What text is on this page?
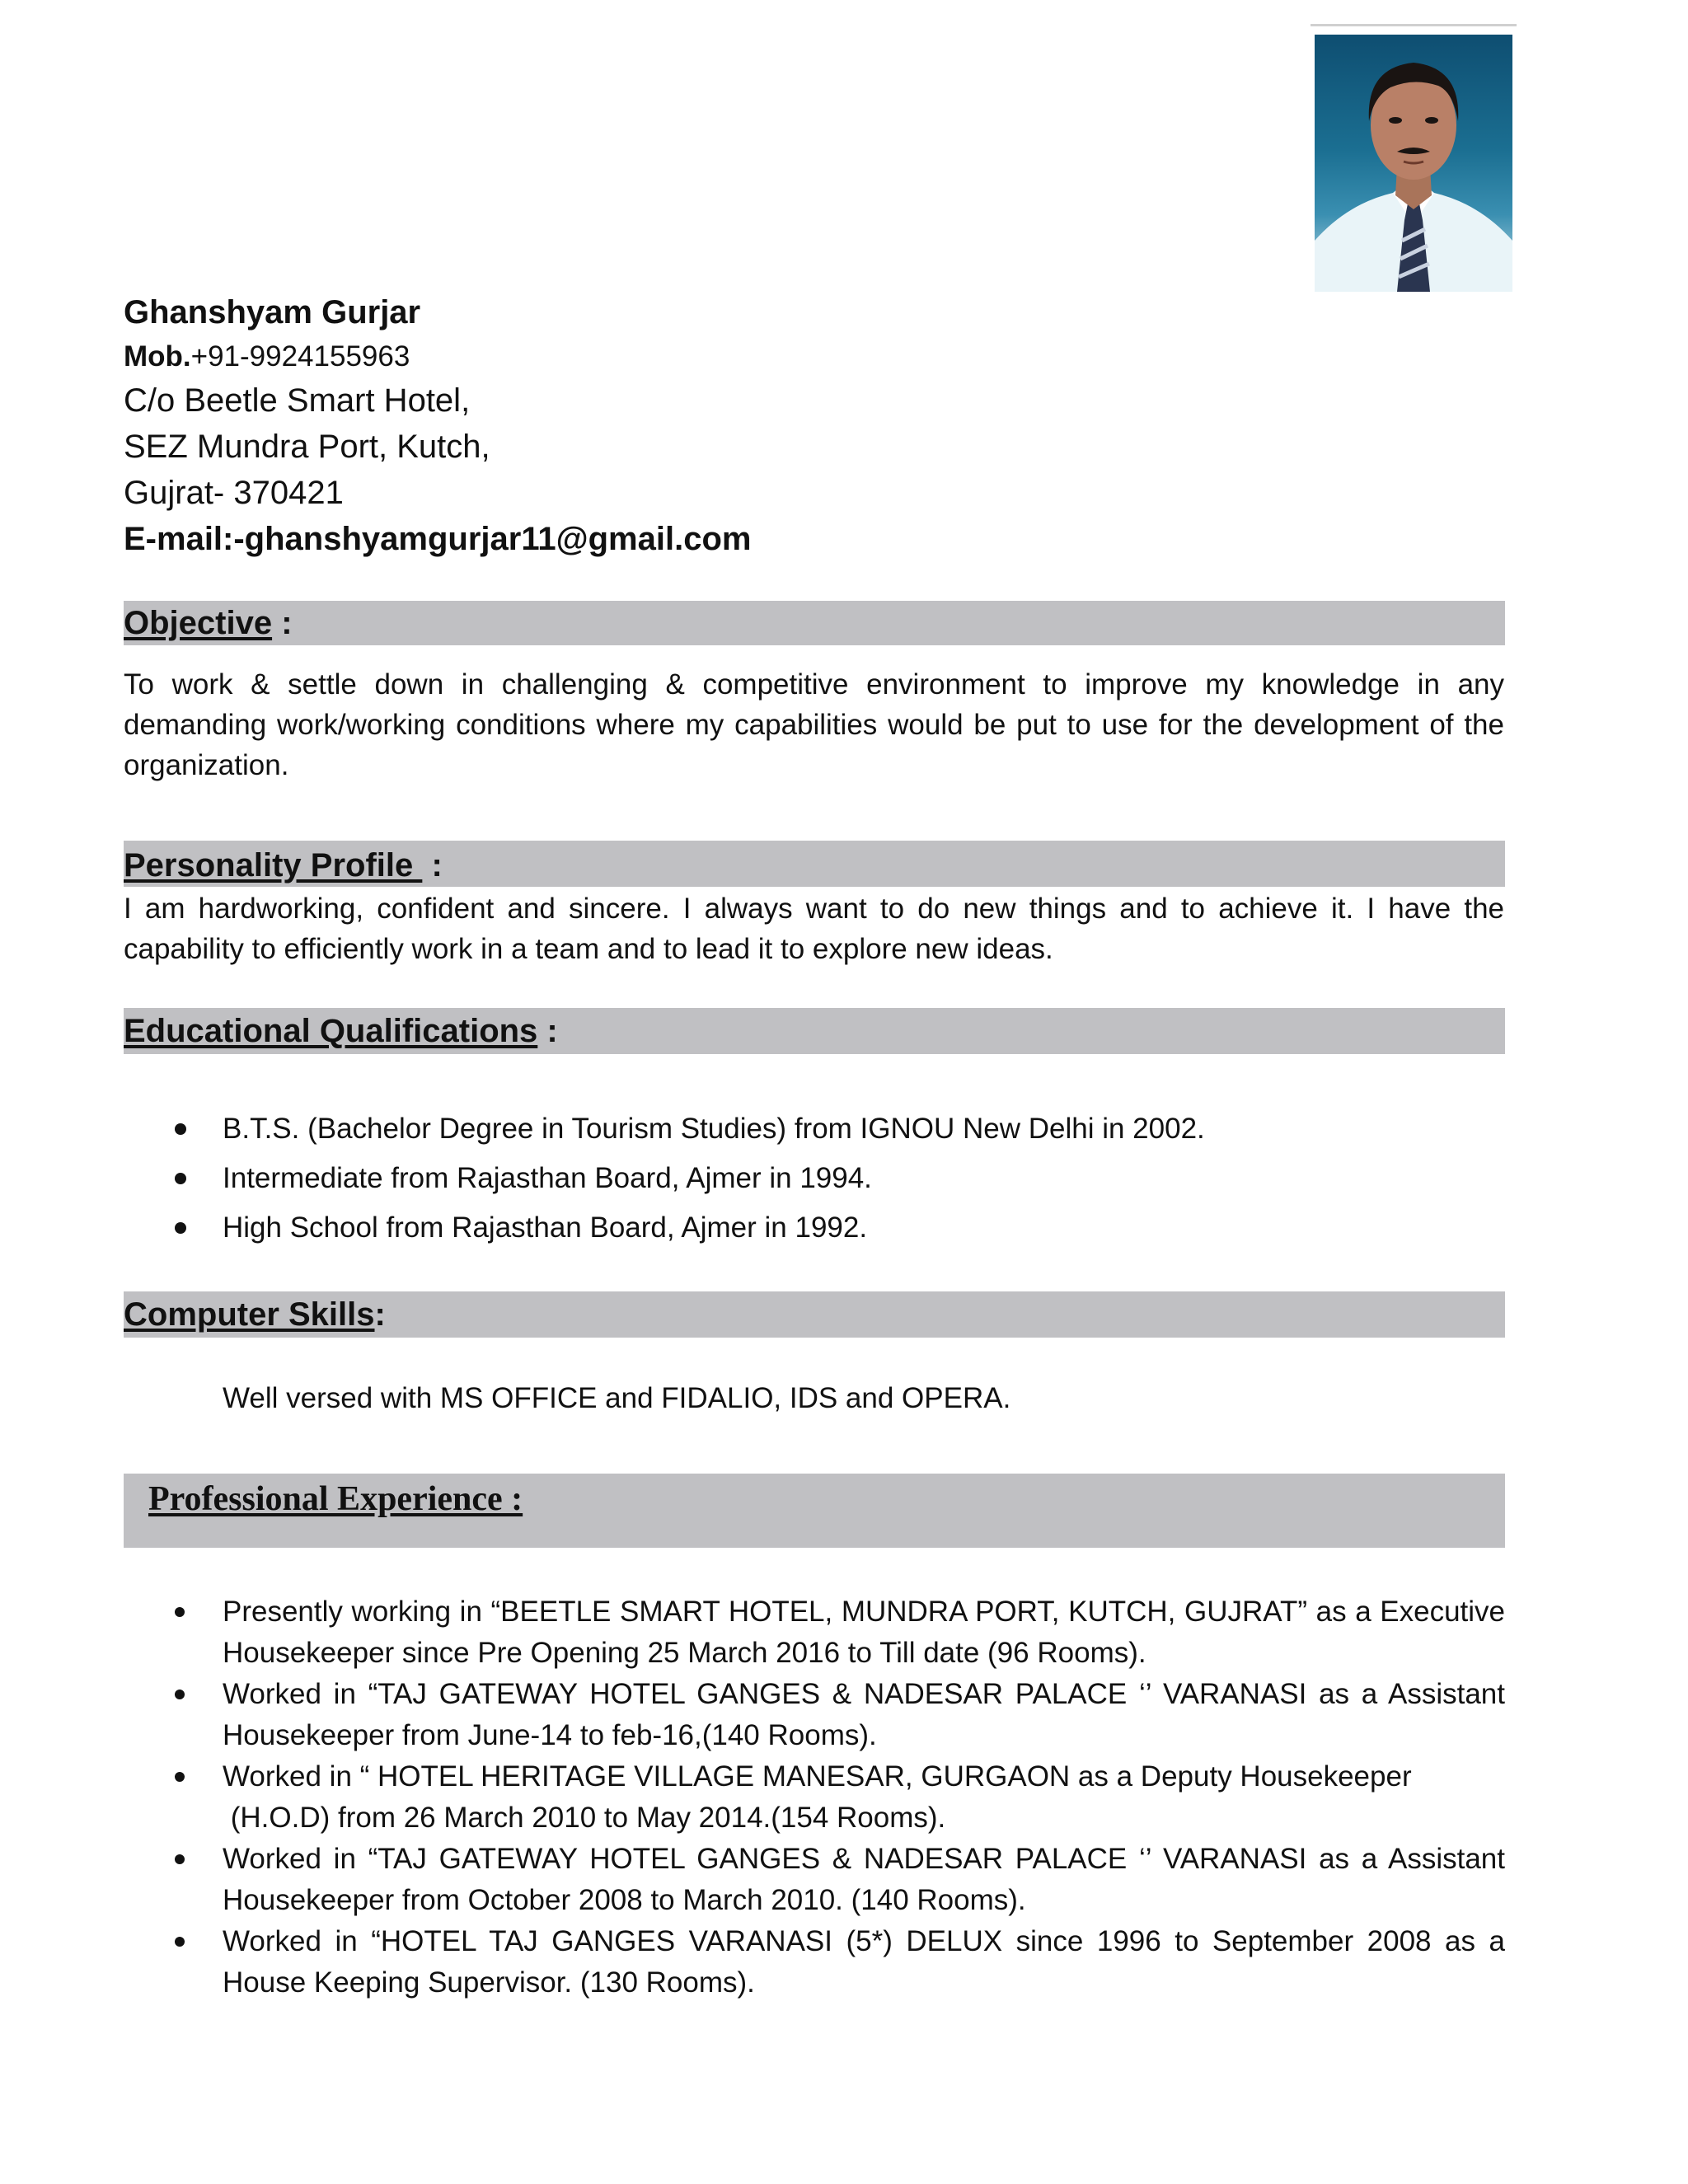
Ghanshyam Gurjar
Mob.+91-9924155963
C/o Beetle Smart Hotel,
SEZ Mundra Port, Kutch,
Gujrat- 370421
E-mail:-ghanshyamgurjar11@gmail.com
Objective :
To work & settle down in challenging & competitive environment to improve my knowledge in any demanding work/working conditions where my capabilities would be put to use for the development of the organization.
Personality Profile  :
I am hardworking, confident and sincere. I always want to do new things and to achieve it. I have the capability to efficiently work in a team and to lead it to explore new ideas.
Educational Qualifications :
B.T.S. (Bachelor Degree in Tourism Studies) from IGNOU New Delhi in 2002.
Intermediate from Rajasthan Board, Ajmer in 1994.
High School from Rajasthan Board, Ajmer in 1992.
Computer Skills:
Well versed with MS OFFICE and FIDALIO, IDS and OPERA.
Professional Experience :
Presently working in “BEETLE SMART HOTEL, MUNDRA PORT, KUTCH, GUJRAT” as a Executive
Housekeeper since Pre Opening 25 March 2016 to Till date (96 Rooms).
Worked in “TAJ GATEWAY HOTEL GANGES & NADESAR PALACE ‘’ VARANASI as a Assistant
Housekeeper from June-14 to feb-16,(140 Rooms).
Worked in “ HOTEL HERITAGE VILLAGE MANESAR, GURGAON as a Deputy Housekeeper
(H.O.D) from 26 March 2010 to May 2014.(154 Rooms).
Worked in “TAJ GATEWAY HOTEL GANGES & NADESAR PALACE ‘’ VARANASI as a Assistant
Housekeeper from October 2008 to March 2010. (140 Rooms).
Worked in “HOTEL TAJ GANGES VARANASI (5*) DELUX since 1996 to September 2008 as a
House Keeping Supervisor. (130 Rooms).
